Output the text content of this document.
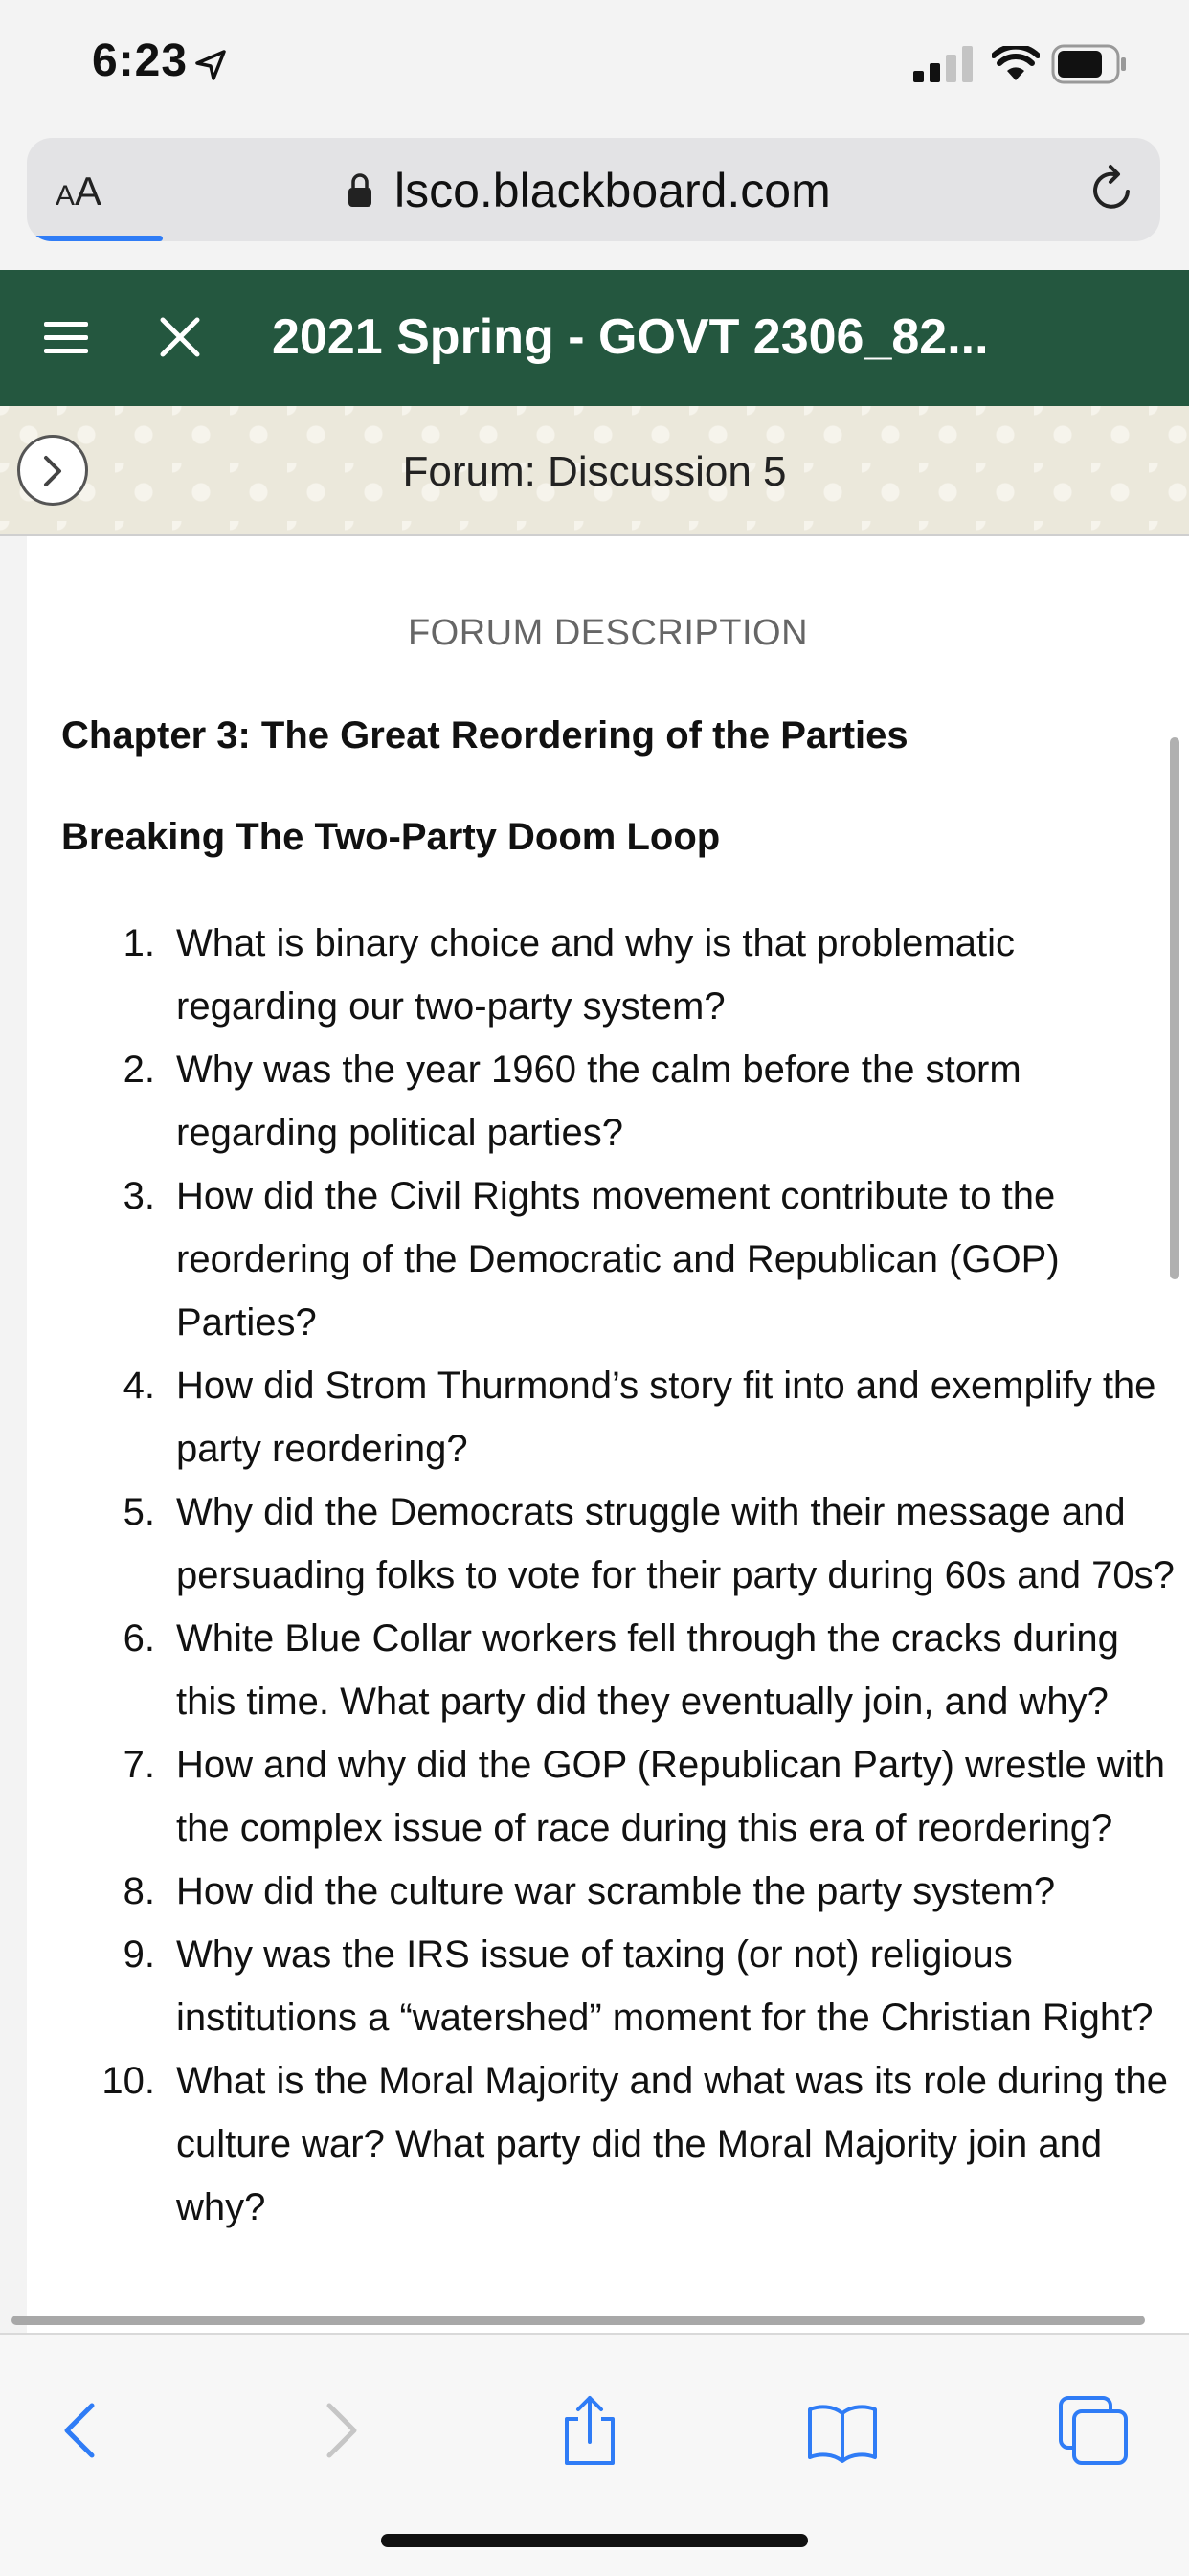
6:23
AA	lsco.blackboard.com
2021 Spring - GOVT 2306_82...
Forum: Discussion 5
FORUM DESCRIPTION
Chapter 3: The Great Reordering of the Parties
Breaking The Two-Party Doom Loop
1. What is binary choice and why is that problematic regarding our two-party system?
2. Why was the year 1960 the calm before the storm regarding political parties?
3. How did the Civil Rights movement contribute to the reordering of the Democratic and Republican (GOP) Parties?
4. How did Strom Thurmond’s story fit into and exemplify the party reordering?
5. Why did the Democrats struggle with their message and persuading folks to vote for their party during 60s and 70s?
6. White Blue Collar workers fell through the cracks during this time. What party did they eventually join, and why?
7. How and why did the GOP (Republican Party) wrestle with the complex issue of race during this era of reordering?
8. How did the culture war scramble the party system?
9. Why was the IRS issue of taxing (or not) religious institutions a “watershed” moment for the Christian Right?
10. What is the Moral Majority and what was its role during the culture war? What party did the Moral Majority join and why?
